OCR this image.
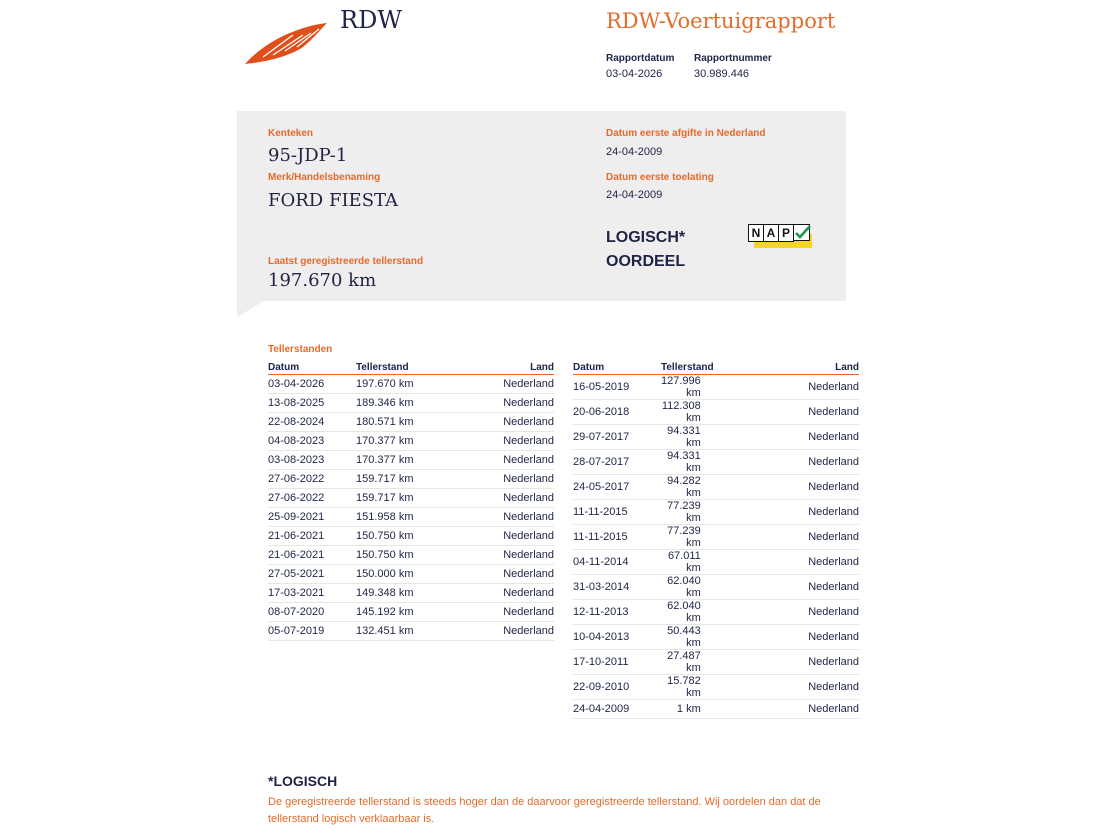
RDW	RDW-Voertuigrapport
Rapportdatum Rapportnummer
03-04-2026	30.989.446
Kenteken
95-JDP-1
Merk/Handelsbenaming
FORD FIESTA
Laatst geregistreerde tellerstand
197.670 km
Datum eerste afgifte in Nederland
24-04-2009
Datum eerste toelating
24-04-2009
LOGISCH*
OORDEEL
N A P
Tellerstanden
Datum	Tellerstand	Land
03-04-2026	197.670 km	Nederland
13-08-2025	189.346 km	Nederland
22-08-2024	180.571 km	Nederland
04-08-2023	170.377 km	Nederland
03-08-2023	170.377 km	Nederland
27-06-2022	159.717 km	Nederland
27-06-2022	159.717 km	Nederland
25-09-2021	151.958 km	Nederland
21-06-2021	150.750 km	Nederland
21-06-2021	150.750 km	Nederland
27-05-2021	150.000 km	Nederland
17-03-2021	149.348 km	Nederland
08-07-2020	145.192 km	Nederland
05-07-2019	132.451 km	Nederland
Datum	Tellerstand	Land
16-05-2019	127.996 km	Nederland
20-06-2018	112.308 km	Nederland
29-07-2017	94.331 km	Nederland
28-07-2017	94.331 km	Nederland
24-05-2017	94.282 km	Nederland
11-11-2015	77.239 km	Nederland
11-11-2015	77.239 km	Nederland
04-11-2014	67.011 km	Nederland
31-03-2014	62.040 km	Nederland
12-11-2013	62.040 km	Nederland
10-04-2013	50.443 km	Nederland
17-10-2011	27.487 km	Nederland
22-09-2010	15.782 km	Nederland
24-04-2009	1 km	Nederland
*LOGISCH
De geregistreerde tellerstand is steeds hoger dan de daarvoor geregistreerde tellerstand. Wij oordelen dan dat de tellerstand logisch verklaarbaar is.
